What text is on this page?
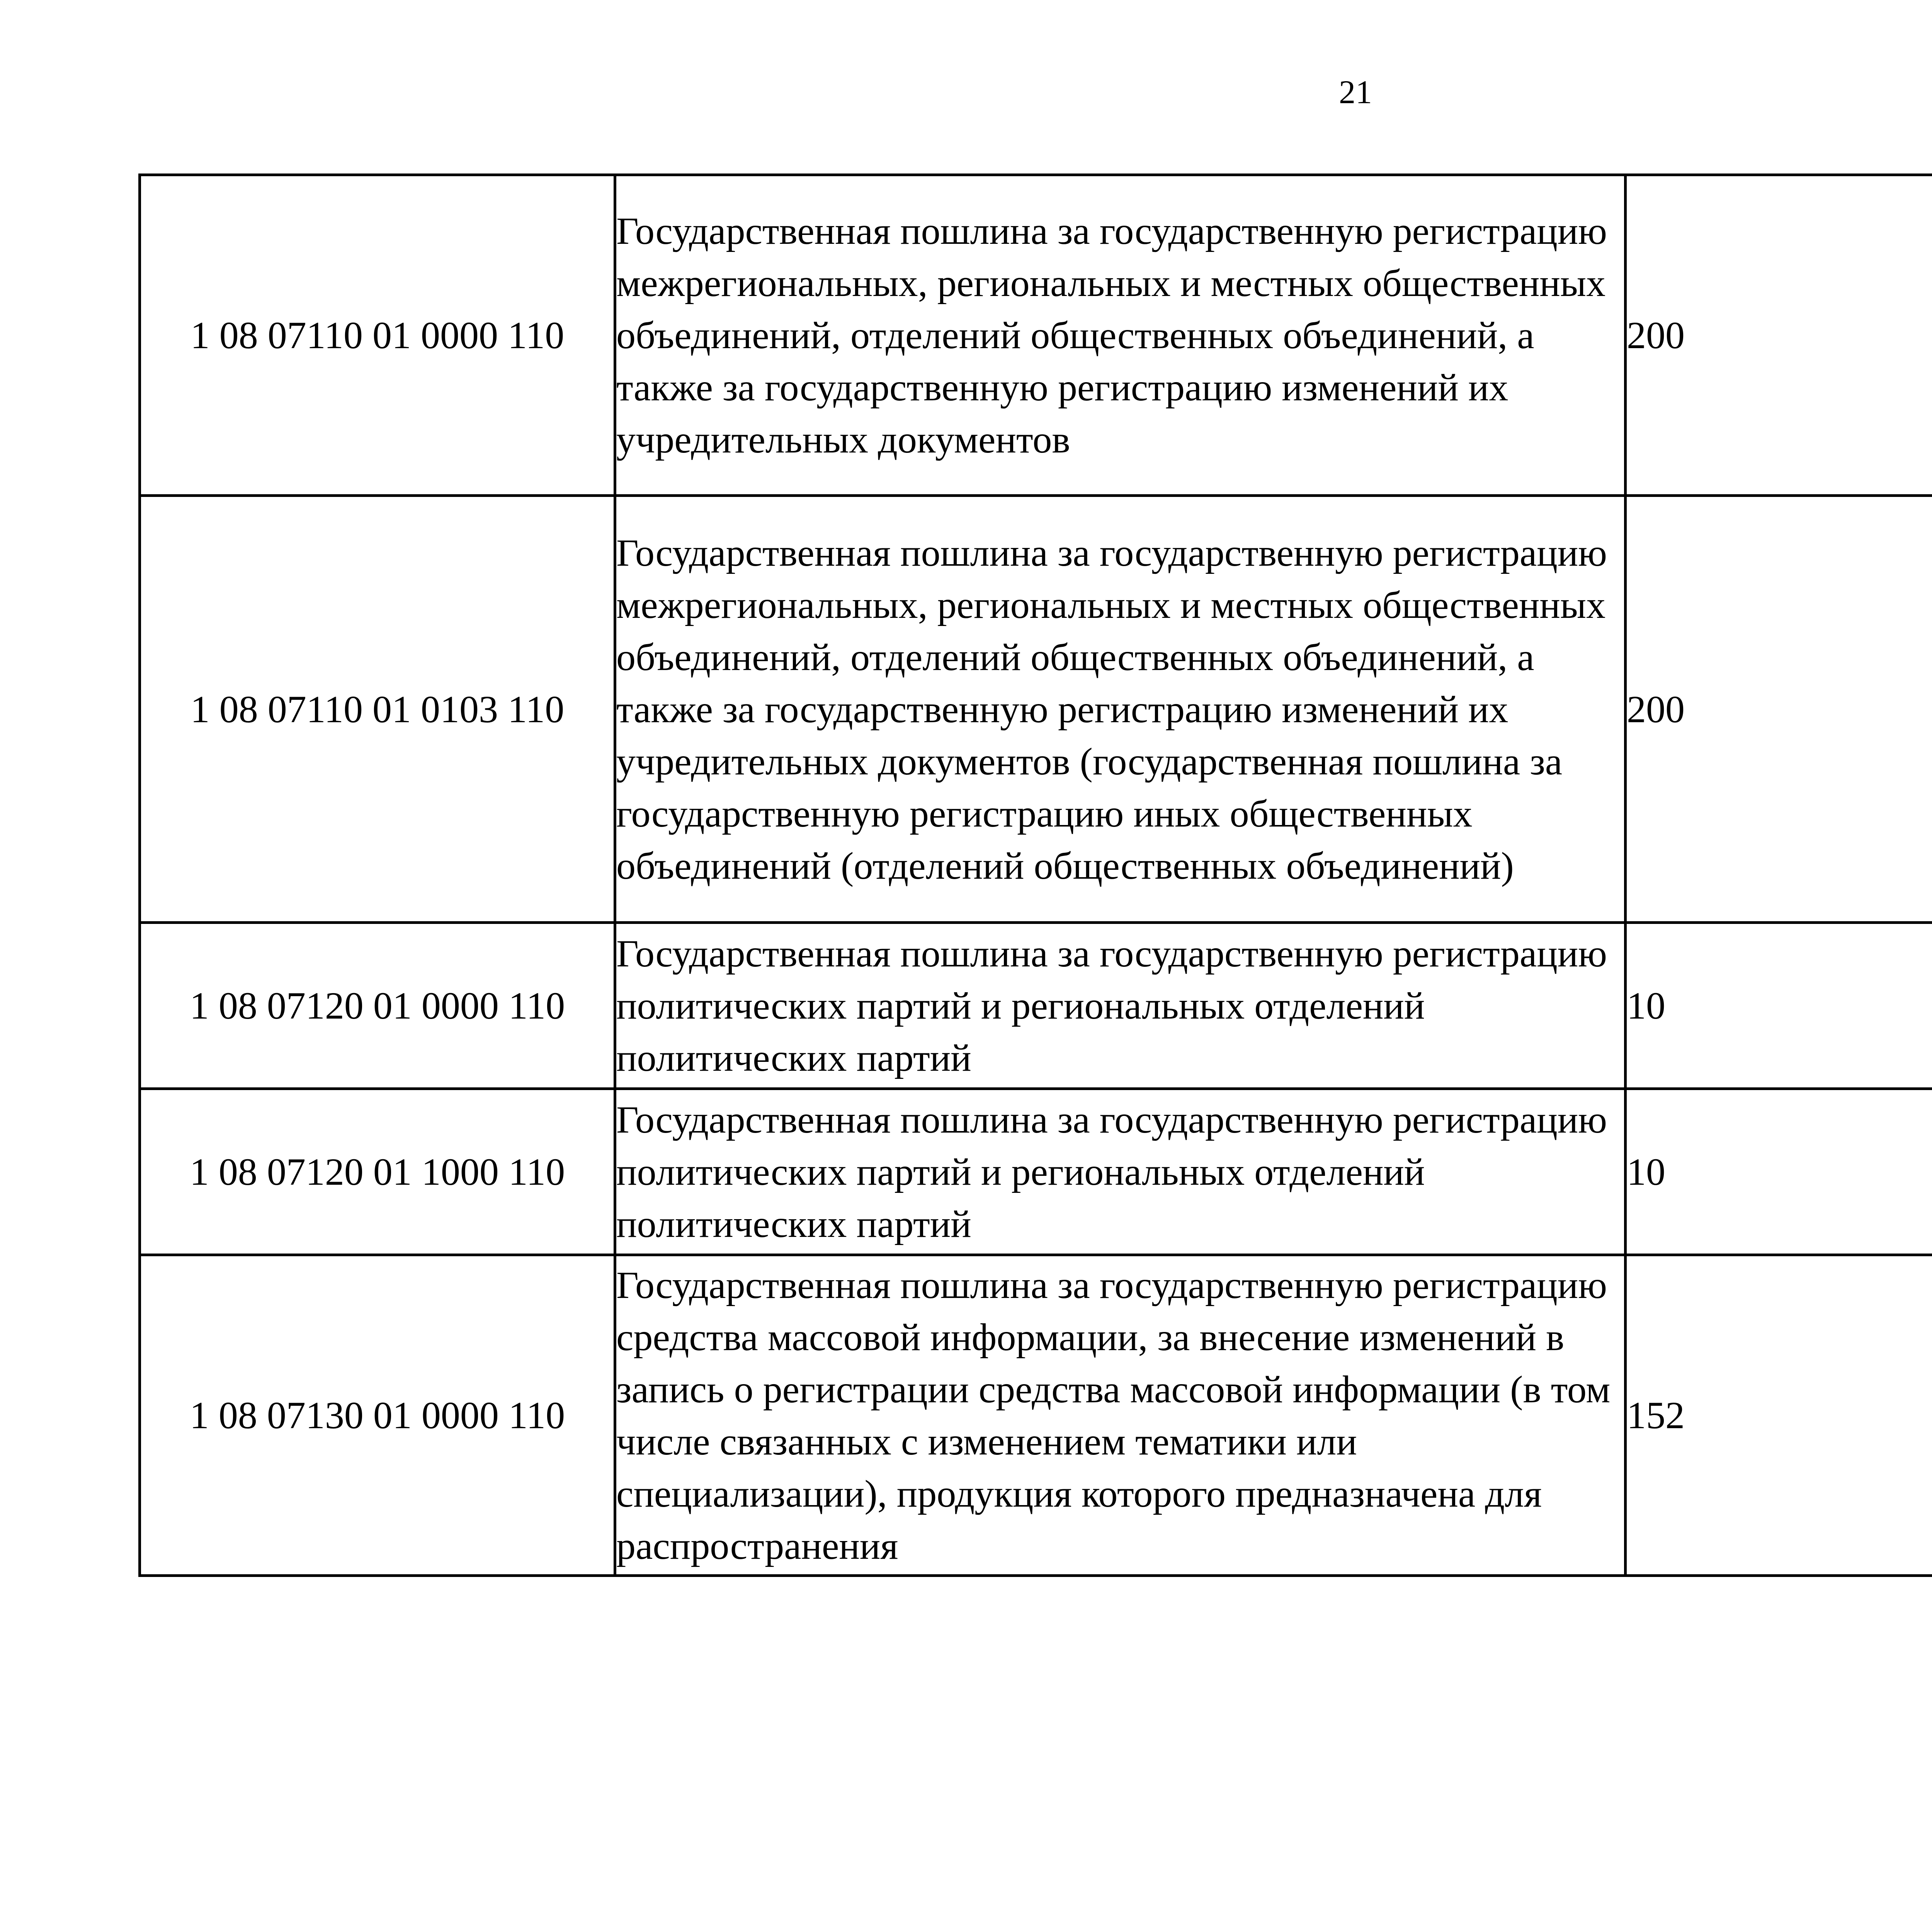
21
1 08 07110 01 0000 110	Государственная пошлина за государственную регистрацию межрегиональных, региональных и местных общественных объединений, отделений общественных объединений, а также за государственную регистрацию изменений их учредительных документов	200		
1 08 07110 01 0103 110	Государственная пошлина за государственную регистрацию межрегиональных, региональных и местных общественных объединений, отделений общественных объединений, а также за государственную регистрацию изменений их учредительных документов (государственная пошлина за государственную регистрацию иных общественных объединений (отделений общественных объединений)	200		
1 08 07120 01 0000 110	Государственная пошлина за государственную регистрацию политических партий и региональных отделений политических партий	10		
1 08 07120 01 1000 110	Государственная пошлина за государственную регистрацию политических партий и региональных отделений политических партий	10		
1 08 07130 01 0000 110	Государственная пошлина за государственную регистрацию средства массовой информации, за внесение изменений в запись о регистрации средства массовой информации (в том числе связанных с изменением тематики или специализации), продукция которого предназначена для распространения	152		
